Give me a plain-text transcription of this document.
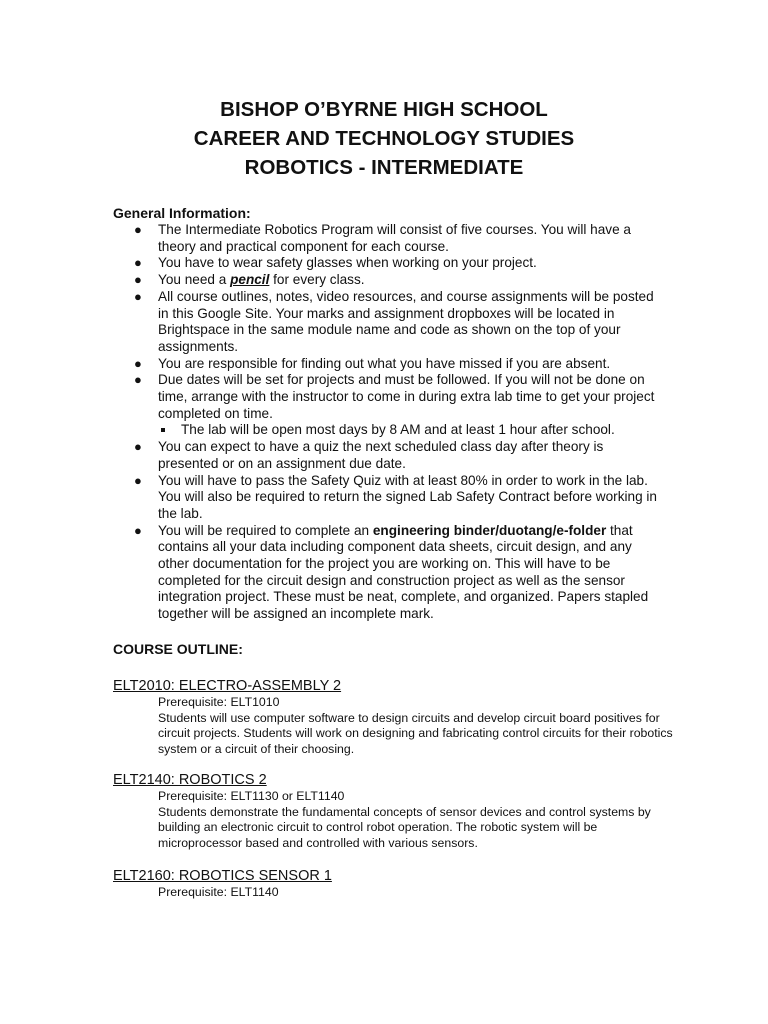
BISHOP O’BYRNE HIGH SCHOOL
CAREER AND TECHNOLOGY STUDIES
ROBOTICS - INTERMEDIATE
General Information:
● The Intermediate Robotics Program will consist of five courses. You will have a theory and practical component for each course.
● You have to wear safety glasses when working on your project.
● You need a pencil for every class.
● All course outlines, notes, video resources, and course assignments will be posted in this Google Site. Your marks and assignment dropboxes will be located in Brightspace in the same module name and code as shown on the top of your assignments.
● You are responsible for finding out what you have missed if you are absent.
● Due dates will be set for projects and must be followed. If you will not be done on time, arrange with the instructor to come in during extra lab time to get your project completed on time.
The lab will be open most days by 8 AM and at least 1 hour after school.
● You can expect to have a quiz the next scheduled class day after theory is presented or on an assignment due date.
● You will have to pass the Safety Quiz with at least 80% in order to work in the lab. You will also be required to return the signed Lab Safety Contract before working in the lab.
● You will be required to complete an engineering binder/duotang/e-folder that contains all your data including component data sheets, circuit design, and any other documentation for the project you are working on. This will have to be completed for the circuit design and construction project as well as the sensor integration project. These must be neat, complete, and organized. Papers stapled together will be assigned an incomplete mark.
COURSE OUTLINE:
ELT2010: ELECTRO-ASSEMBLY 2
Prerequisite: ELT1010
Students will use computer software to design circuits and develop circuit board positives for circuit projects. Students will work on designing and fabricating control circuits for their robotics system or a circuit of their choosing.
ELT2140: ROBOTICS 2
Prerequisite: ELT1130 or ELT1140
Students demonstrate the fundamental concepts of sensor devices and control systems by building an electronic circuit to control robot operation. The robotic system will be microprocessor based and controlled with various sensors.
ELT2160: ROBOTICS SENSOR 1
Prerequisite: ELT1140
